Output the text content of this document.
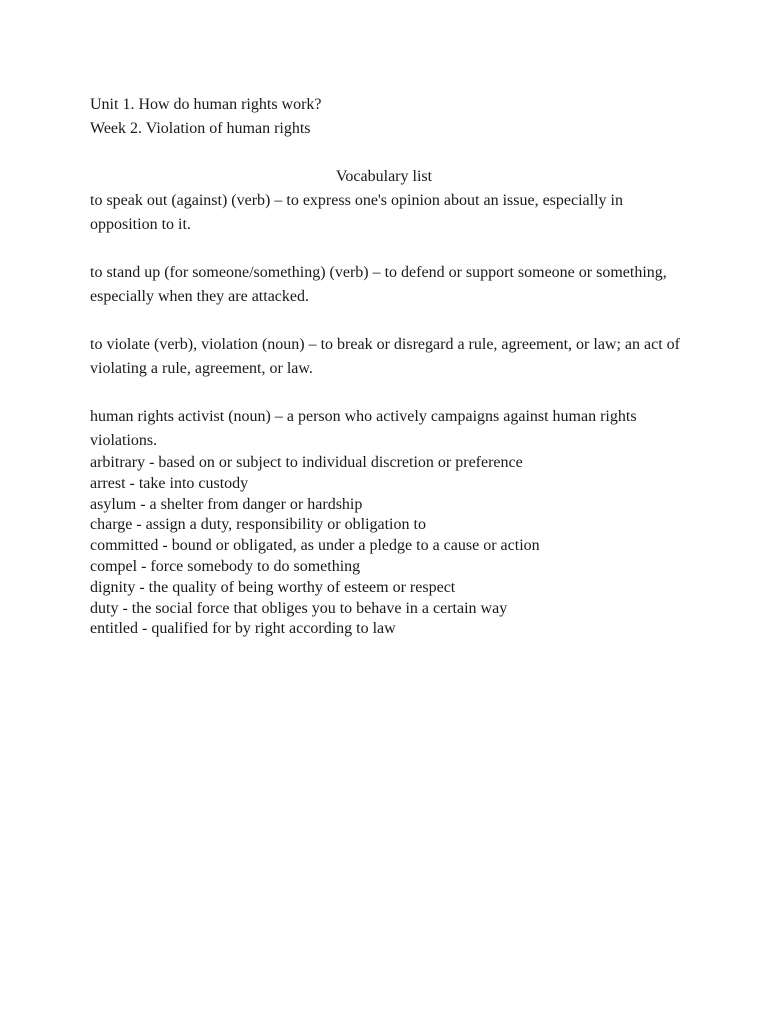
Unit 1. How do human rights work?

Week 2. Violation of human rights

Vocabulary list

to speak out (against) (verb) – to express one's opinion about an issue, especially in opposition to it.

to stand up (for someone/something) (verb) – to defend or support someone or something, especially when they are attacked.

to violate (verb), violation (noun) – to break or disregard a rule, agreement, or law; an act of violating a rule, agreement, or law.

human rights activist (noun) – a person who actively campaigns against human rights violations.

arbitrary - based on or subject to individual discretion or preference
arrest - take into custody
asylum - a shelter from danger or hardship
charge - assign a duty, responsibility or obligation to
committed - bound or obligated, as under a pledge to a cause or action
compel - force somebody to do something
dignity - the quality of being worthy of esteem or respect
duty - the social force that obliges you to behave in a certain way
entitled - qualified for by right according to law
